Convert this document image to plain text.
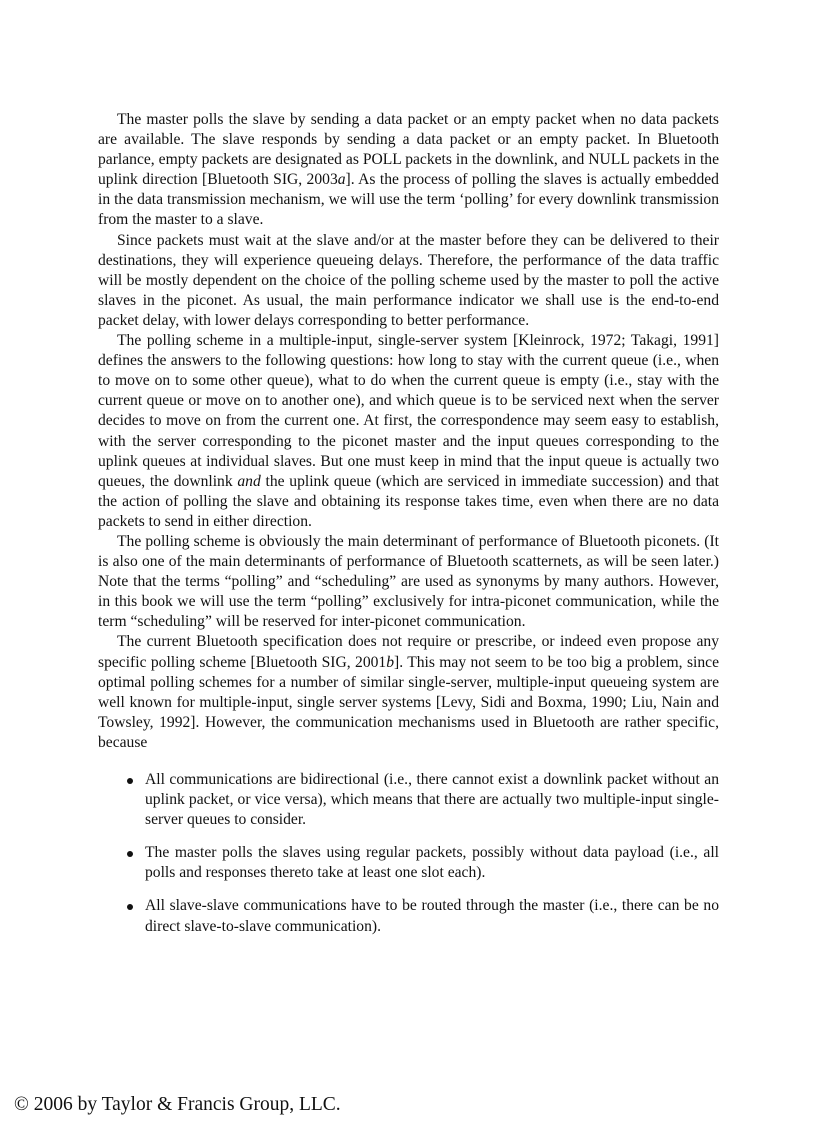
The master polls the slave by sending a data packet or an empty packet when no data packets are available. The slave responds by sending a data packet or an empty packet. In Bluetooth parlance, empty packets are designated as POLL packets in the downlink, and NULL packets in the uplink direction [Bluetooth SIG, 2003a]. As the process of polling the slaves is actually embedded in the data transmission mechanism, we will use the term ‘polling’ for every downlink transmission from the master to a slave.

Since packets must wait at the slave and/or at the master before they can be delivered to their destinations, they will experience queueing delays. Therefore, the performance of the data traffic will be mostly dependent on the choice of the polling scheme used by the master to poll the active slaves in the piconet. As usual, the main performance indicator we shall use is the end-to-end packet delay, with lower delays corresponding to better performance.

The polling scheme in a multiple-input, single-server system [Kleinrock, 1972; Takagi, 1991] defines the answers to the following questions: how long to stay with the current queue (i.e., when to move on to some other queue), what to do when the current queue is empty (i.e., stay with the current queue or move on to another one), and which queue is to be serviced next when the server decides to move on from the current one. At first, the correspondence may seem easy to establish, with the server corresponding to the piconet master and the input queues corresponding to the uplink queues at individual slaves. But one must keep in mind that the input queue is actually two queues, the downlink and the uplink queue (which are serviced in immediate succession) and that the action of polling the slave and obtaining its response takes time, even when there are no data packets to send in either direction.

The polling scheme is obviously the main determinant of performance of Bluetooth piconets. (It is also one of the main determinants of performance of Bluetooth scatternets, as will be seen later.) Note that the terms “polling” and “scheduling” are used as synonyms by many authors. However, in this book we will use the term “polling” exclusively for intra-piconet communication, while the term “scheduling” will be reserved for inter-piconet communication.

The current Bluetooth specification does not require or prescribe, or indeed even propose any specific polling scheme [Bluetooth SIG, 2001b]. This may not seem to be too big a problem, since optimal polling schemes for a number of similar single-server, multiple-input queueing system are well known for multiple-input, single server systems [Levy, Sidi and Boxma, 1990; Liu, Nain and Towsley, 1992]. However, the communication mechanisms used in Bluetooth are rather specific, because

All communications are bidirectional (i.e., there cannot exist a downlink packet without an uplink packet, or vice versa), which means that there are actually two multiple-input single-server queues to consider.
The master polls the slaves using regular packets, possibly without data payload (i.e., all polls and responses thereto take at least one slot each).
All slave-slave communications have to be routed through the master (i.e., there can be no direct slave-to-slave communication).
© 2006 by Taylor & Francis Group, LLC.
